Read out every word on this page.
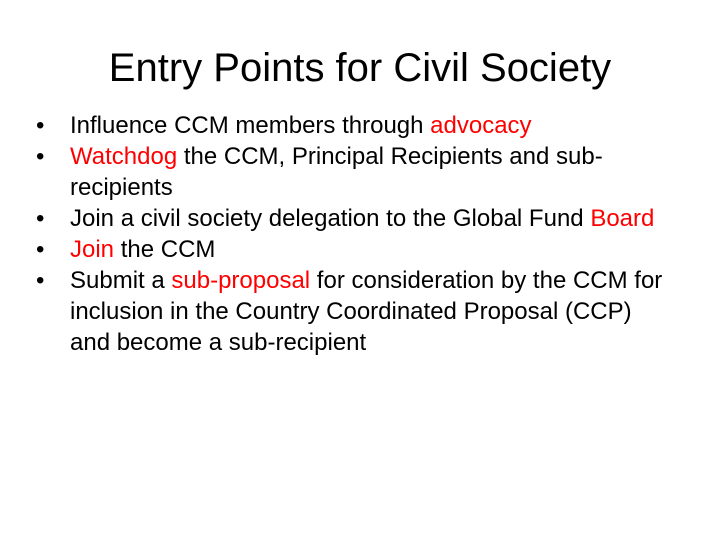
Entry Points for Civil Society
•	Influence CCM members through advocacy
•	Watchdog the CCM, Principal Recipients and sub-recipients
•	Join a civil society delegation to the Global Fund Board
•	Join the CCM
•	Submit a sub-proposal for consideration by the CCM for inclusion in the Country Coordinated Proposal (CCP) and become a sub-recipient
